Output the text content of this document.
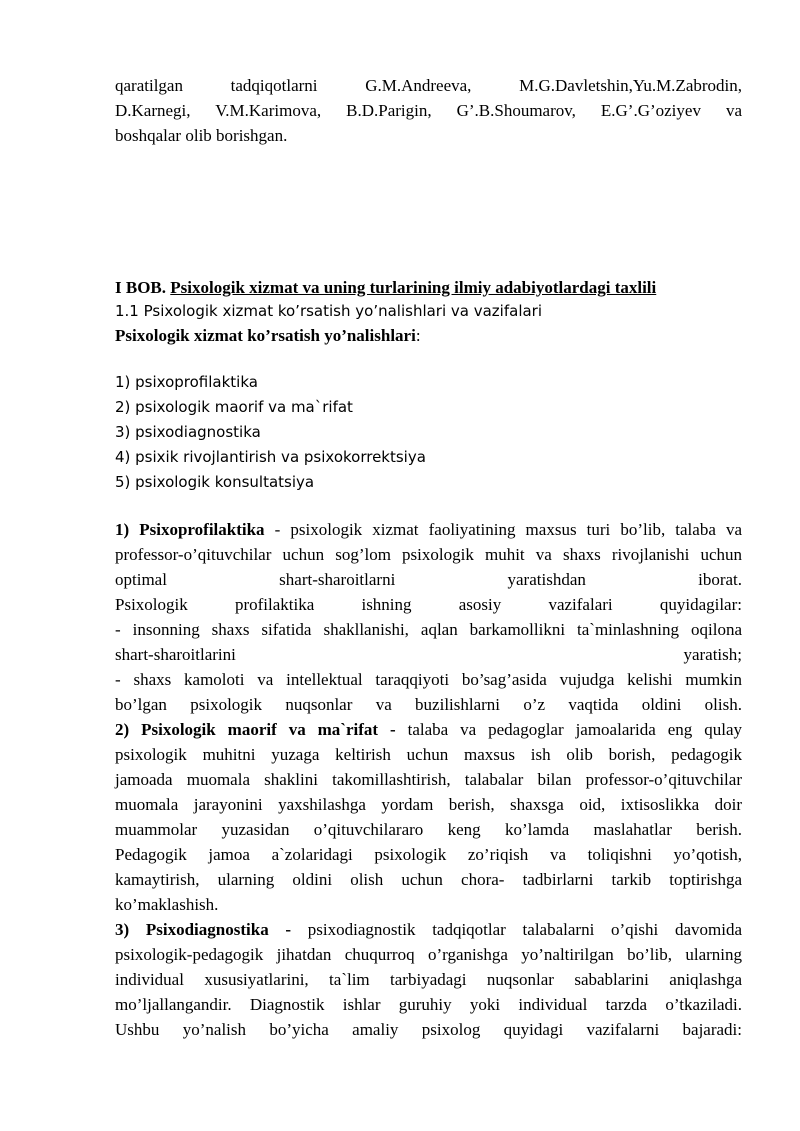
qaratilgan tadqiqotlarni G.M.Andreeva, M.G.Davletshin,Yu.M.Zabrodin,
D.Karnegi, V.M.Karimova, B.D.Parigin, G’.B.Shoumarov, E.G’.G’oziyev va
boshqalar olib borishgan.
I BOB. Psixologik xizmat va uning turlarining ilmiy adabiyotlardagi taxlili
1.1 Psixologik xizmat ko’rsatish yo’nalishlari va vazifalari
Psixologik xizmat ko’rsatish yo’nalishlari:
1) psixoprofilaktika
2) psixologik maorif va ma`rifat
3) psixodiagnostika
4) psixik rivojlantirish va psixokorrektsiya
5) psixologik konsultatsiya
1) Psixoprofilaktika - psixologik xizmat faoliyatining maxsus turi bo’lib, talaba va
professor-o’qituvchilar uchun sog’lom psixologik muhit va shaxs rivojlanishi uchun
optimal shart-sharoitlarni yaratishdan iborat.
Psixologik profilaktika ishning asosiy vazifalari quyidagilar:
- insonning shaxs sifatida shakllanishi, aqlan barkamollikni ta`minlashning oqilona
shart-sharoitlarini yaratish;
- shaxs kamoloti va intellektual taraqqiyoti bo’sag’asida vujudga kelishi mumkin
bo’lgan psixologik nuqsonlar va buzilishlarni o’z vaqtida oldini olish.
2) Psixologik maorif va ma`rifat - talaba va pedagoglar jamoalarida eng qulay
psixologik muhitni yuzaga keltirish uchun maxsus ish olib borish, pedagogik
jamoada muomala shaklini takomillashtirish, talabalar bilan professor-o’qituvchilar
muomala jarayonini yaxshilashga yordam berish, shaxsga oid, ixtisoslikka doir
muammolar yuzasidan o’qituvchilararo keng ko’lamda maslahatlar berish.
Pedagogik jamoa a`zolaridagi psixologik zo’riqish va toliqishni yo’qotish,
kamaytirish, ularning oldini olish uchun chora- tadbirlarni tarkib toptirishga
ko’maklashish.
3) Psixodiagnostika - psixodiagnostik tadqiqotlar talabalarni o’qishi davomida
psixologik-pedagogik jihatdan chuqurroq o’rganishga yo’naltirilgan bo’lib, ularning
individual xususiyatlarini, ta`lim tarbiyadagi nuqsonlar sabablarini aniqlashga
mo’ljallangandir. Diagnostik ishlar guruhiy yoki individual tarzda o’tkaziladi.
Ushbu yo’nalish bo’yicha amaliy psixolog quyidagi vazifalarni bajaradi:
